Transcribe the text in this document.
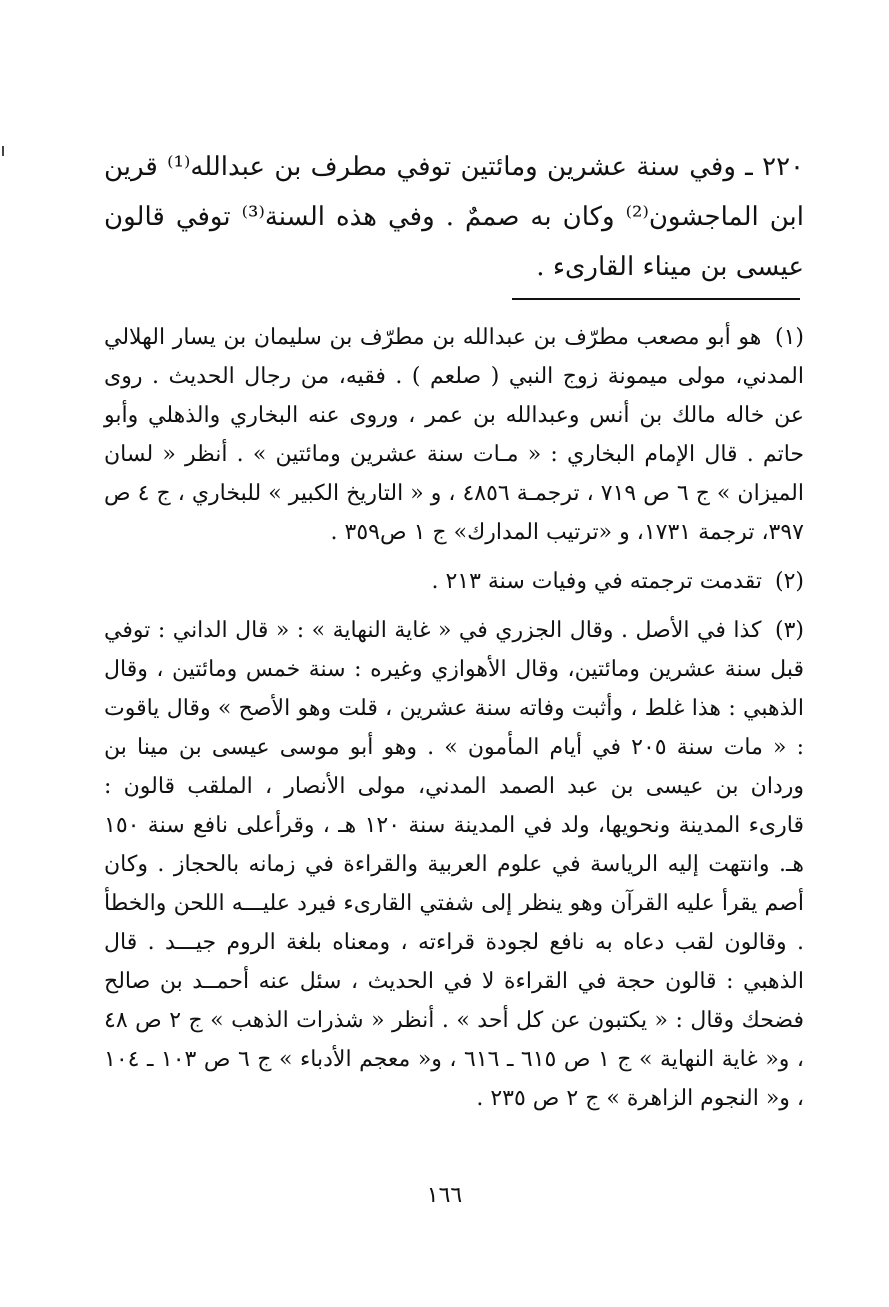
٢٢٠ ـ وفي سنة عشرين ومائتين توفي مطرف بن عبدالله⁽¹⁾ قرين ابن الماجشون⁽²⁾ وكان به صممٌ . وفي هذه السنة⁽³⁾ توفي قالون عيسى بن ميناء القارىء .

(١) هو أبو مصعب مطرّف بن عبدالله بن مطرّف بن سليمان بن يسار الهلالي المدني، مولى ميمونة زوج النبي ( صلعم ) . فقيه، من رجال الحديث . روى عن خاله مالك بن أنس وعبدالله بن عمر ، وروى عنه البخاري والذهلي وأبو حاتم . قال الإمام البخاري : « مـات سنة عشرين ومائتين » . أنظر « لسان الميزان » ج ٦ ص ٧١٩ ، ترجمـة ٤٨٥٦ ، و « التاريخ الكبير » للبخاري ، ج ٤ ص ٣٩٧، ترجمة ١٧٣١، و «ترتيب المدارك» ج ١ ص٣٥٩ .

(٢) تقدمت ترجمته في وفيات سنة ٢١٣ .

(٣) كذا في الأصل . وقال الجزري في « غاية النهاية » : « قال الداني : توفي قبل سنة عشرين ومائتين، وقال الأهوازي وغيره : سنة خمس ومائتين ، وقال الذهبي : هذا غلط ، وأثبت وفاته سنة عشرين ، قلت وهو الأصح » وقال ياقوت : « مات سنة ٢٠٥ في أيام المأمون » . وهو أبو موسى عيسى بن مينا بن وردان بن عيسى بن عبد الصمد المدني، مولى الأنصار ، الملقب قالون : قارىء المدينة ونحويها، ولد في المدينة سنة ١٢٠ هـ ، وقرأعلى نافع سنة ١٥٠ هـ. وانتهت إليه الرياسة في علوم العربية والقراءة في زمانه بالحجاز . وكان أصم يقرأ عليه القرآن وهو ينظر إلى شفتي القارىء فيرد عليـــه اللحن والخطأ . وقالون لقب دعاه به نافع لجودة قراءته ، ومعناه بلغة الروم جيـــد . قال الذهبي : قالون حجة في القراءة لا في الحديث ، سئل عنه أحمــد بن صالح فضحك وقال : « يكتبون عن كل أحد » . أنظر « شذرات الذهب » ج ٢ ص ٤٨ ، و« غاية النهاية » ج ١ ص ٦١٥ ـ ٦١٦ ، و« معجم الأدباء » ج ٦ ص ١٠٣ ـ ١٠٤ ، و« النجوم الزاهرة » ج ٢ ص ٢٣٥ .

١٦٦
